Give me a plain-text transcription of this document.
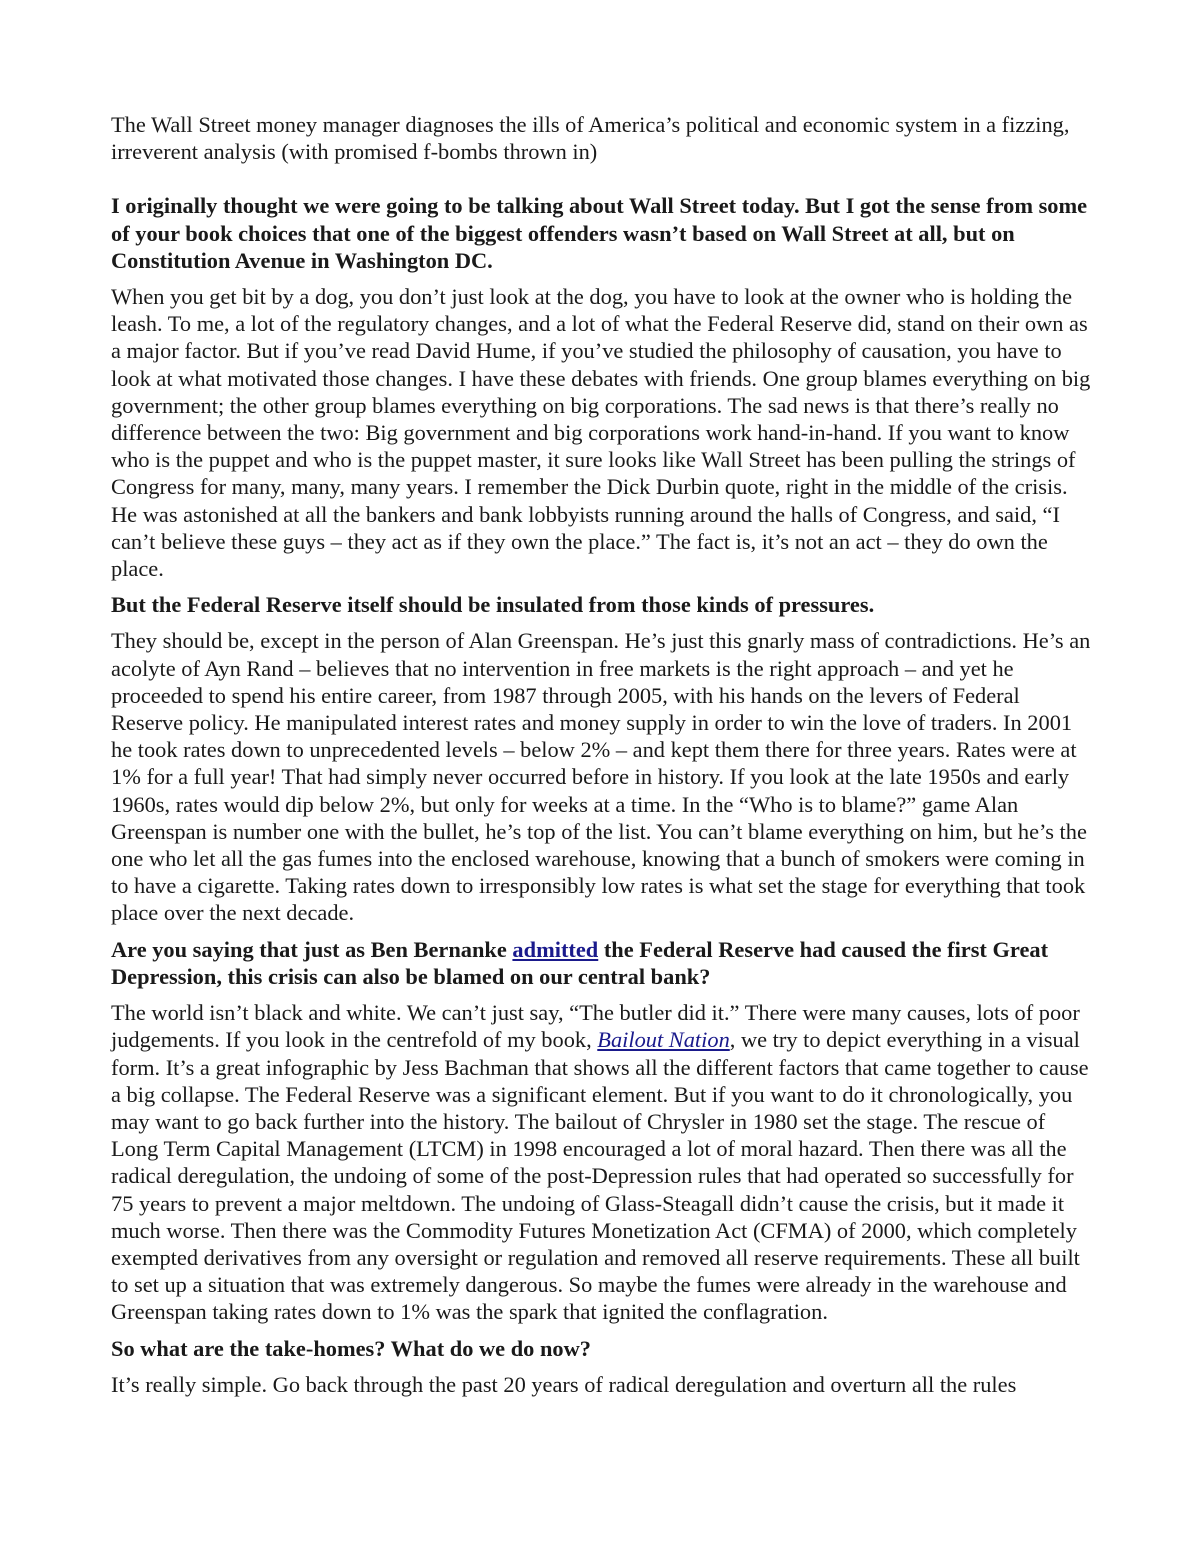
The Wall Street money manager diagnoses the ills of America’s political and economic system in a fizzing, irreverent analysis (with promised f-bombs thrown in)

I originally thought we were going to be talking about Wall Street today. But I got the sense from some of your book choices that one of the biggest offenders wasn’t based on Wall Street at all, but on Constitution Avenue in Washington DC.

When you get bit by a dog, you don’t just look at the dog, you have to look at the owner who is holding the leash. To me, a lot of the regulatory changes, and a lot of what the Federal Reserve did, stand on their own as a major factor. But if you’ve read David Hume, if you’ve studied the philosophy of causation, you have to look at what motivated those changes. I have these debates with friends. One group blames everything on big government; the other group blames everything on big corporations. The sad news is that there’s really no difference between the two: Big government and big corporations work hand-in-hand. If you want to know who is the puppet and who is the puppet master, it sure looks like Wall Street has been pulling the strings of Congress for many, many, many years. I remember the Dick Durbin quote, right in the middle of the crisis. He was astonished at all the bankers and bank lobbyists running around the halls of Congress, and said, “I can’t believe these guys – they act as if they own the place.” The fact is, it’s not an act – they do own the place.

But the Federal Reserve itself should be insulated from those kinds of pressures.

They should be, except in the person of Alan Greenspan. He’s just this gnarly mass of contradictions. He’s an acolyte of Ayn Rand – believes that no intervention in free markets is the right approach – and yet he proceeded to spend his entire career, from 1987 through 2005, with his hands on the levers of Federal Reserve policy. He manipulated interest rates and money supply in order to win the love of traders. In 2001 he took rates down to unprecedented levels – below 2% – and kept them there for three years. Rates were at 1% for a full year! That had simply never occurred before in history. If you look at the late 1950s and early 1960s, rates would dip below 2%, but only for weeks at a time. In the “Who is to blame?” game Alan Greenspan is number one with the bullet, he’s top of the list. You can’t blame everything on him, but he’s the one who let all the gas fumes into the enclosed warehouse, knowing that a bunch of smokers were coming in to have a cigarette. Taking rates down to irresponsibly low rates is what set the stage for everything that took place over the next decade.

Are you saying that just as Ben Bernanke admitted the Federal Reserve had caused the first Great Depression, this crisis can also be blamed on our central bank?

The world isn’t black and white. We can’t just say, “The butler did it.” There were many causes, lots of poor judgements. If you look in the centrefold of my book, Bailout Nation, we try to depict everything in a visual form. It’s a great infographic by Jess Bachman that shows all the different factors that came together to cause a big collapse. The Federal Reserve was a significant element. But if you want to do it chronologically, you may want to go back further into the history. The bailout of Chrysler in 1980 set the stage. The rescue of Long Term Capital Management (LTCM) in 1998 encouraged a lot of moral hazard. Then there was all the radical deregulation, the undoing of some of the post-Depression rules that had operated so successfully for 75 years to prevent a major meltdown. The undoing of Glass-Steagall didn’t cause the crisis, but it made it much worse. Then there was the Commodity Futures Monetization Act (CFMA) of 2000, which completely exempted derivatives from any oversight or regulation and removed all reserve requirements. These all built to set up a situation that was extremely dangerous. So maybe the fumes were already in the warehouse and Greenspan taking rates down to 1% was the spark that ignited the conflagration.

So what are the take-homes? What do we do now?

It’s really simple. Go back through the past 20 years of radical deregulation and overturn all the rules
